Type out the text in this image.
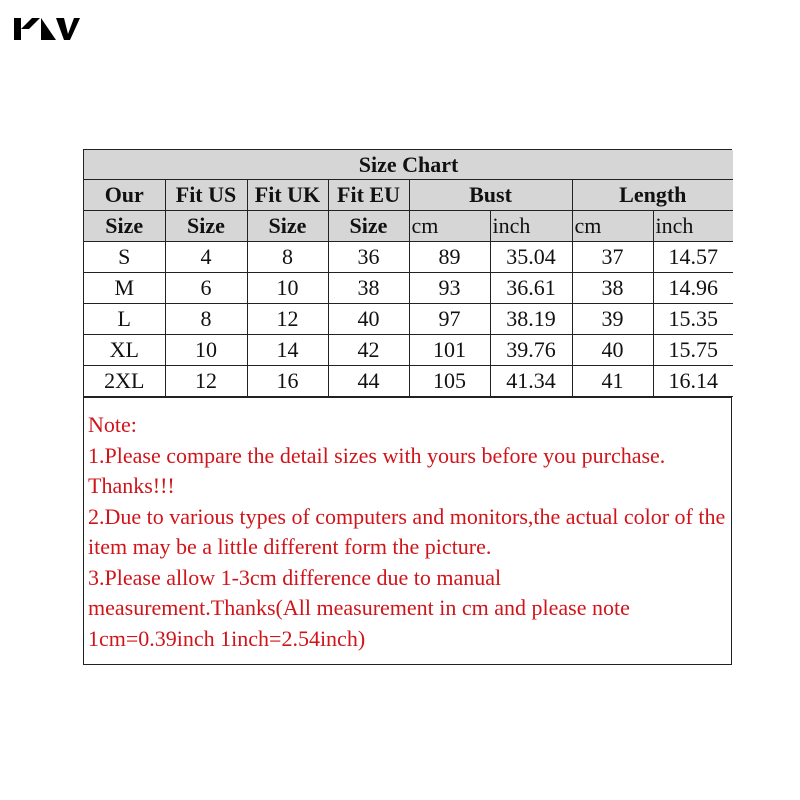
Size Chart							
Our	Fit US	Fit UK	Fit EU	Bust		Length	
Size	Size	Size	Size	cm	inch	cm	inch
S	4	8	36	89	35.04	37	14.57
M	6	10	38	93	36.61	38	14.96
L	8	12	40	97	38.19	39	15.35
XL	10	14	42	101	39.76	40	15.75
2XL	12	16	44	105	41.34	41	16.14

Note:

1.Please compare the detail sizes with yours before you purchase. Thanks!!!

2.Due to various types of computers and monitors,the actual color of the item may be a little different form the picture.

3.Please allow 1-3cm difference due to manual measurement.Thanks(All measurement in cm and please note 1cm=0.39inch 1inch=2.54inch)
